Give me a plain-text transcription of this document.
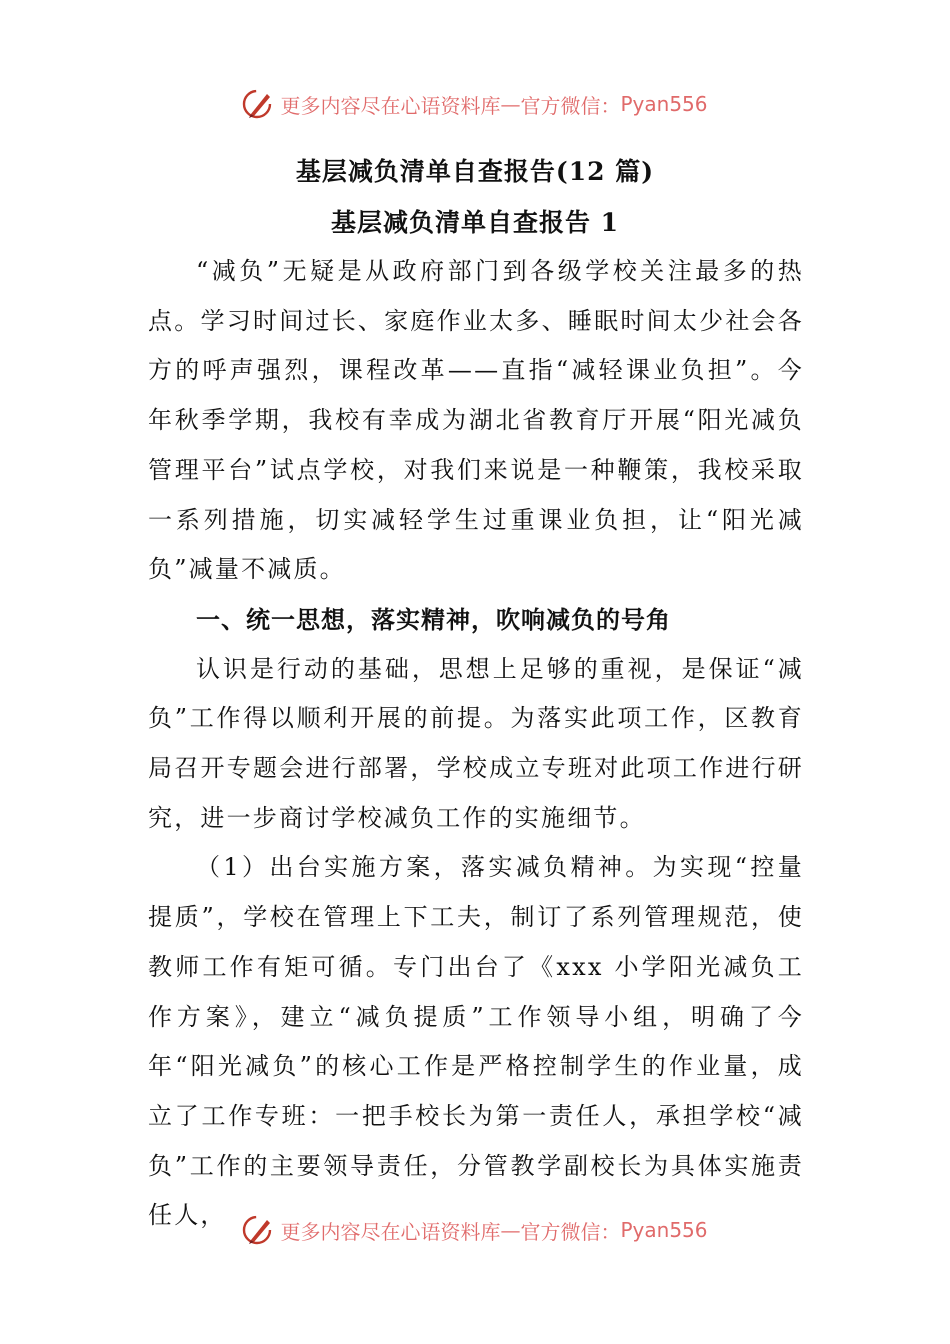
更多内容尽在心语资料库 — 官方微信： Pyan556
基层减负清单自查报告(12 篇)
基层减负清单自查报告 1

“减负”无疑是从政府部门到各级学校关注最多的热点。学习时间过长、家庭作业太多、睡眠时间太少社会各方的呼声强烈，课程改革——直指“减轻课业负担”。今年秋季学期，我校有幸成为湖北省教育厅开展“阳光减负管理平台”试点学校，对我们来说是一种鞭策，我校采取一系列措施，切实减轻学生过重课业负担，让“阳光减负”减量不减质。

一、统一思想，落实精神，吹响减负的号角

认识是行动的基础，思想上足够的重视，是保证“减负”工作得以顺利开展的前提。为落实此项工作，区教育局召开专题会进行部署，学校成立专班对此项工作进行研究，进一步商讨学校减负工作的实施细节。

（1）出台实施方案，落实减负精神。为实现“控量提质”，学校在管理上下工夫，制订了系列管理规范，使教师工作有矩可循。专门出台了《xxx 小学阳光减负工作方案》，建立“减负提质”工作领导小组，明确了今年“阳光减负”的核心工作是严格控制学生的作业量，成立了工作专班：一把手校长为第一责任人，承担学校“减负”工作的主要领导责任，分管教学副校长为具体实施责任人，

更多内容尽在心语资料库 — 官方微信： Pyan556
